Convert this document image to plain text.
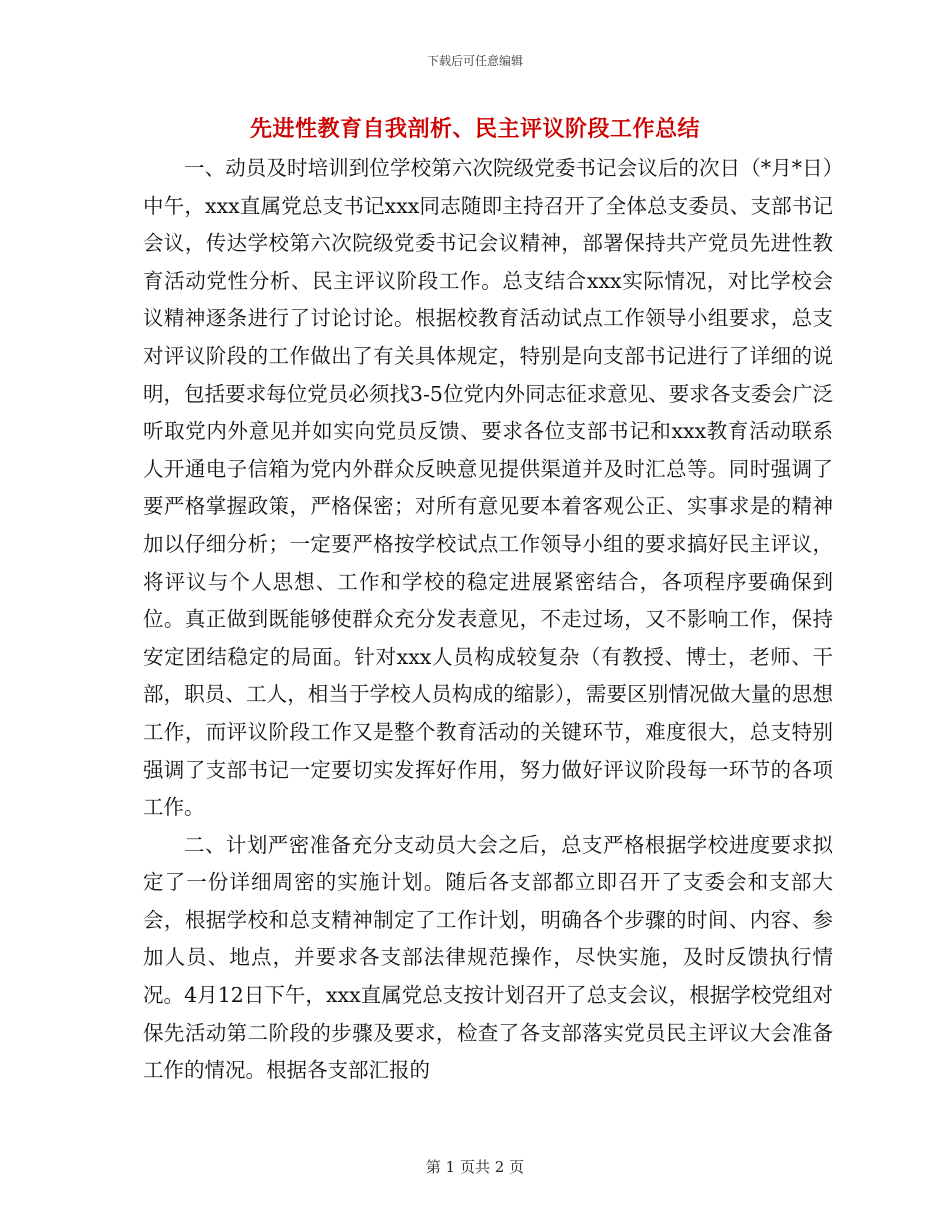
下载后可任意编辑
先进性教育自我剖析、民主评议阶段工作总结

一、动员及时培训到位学校第六次院级党委书记会议后的次日（*月*日）中午，xxx直属党总支书记xxx同志随即主持召开了全体总支委员、支部书记会议，传达学校第六次院级党委书记会议精神，部署保持共产党员先进性教育活动党性分析、民主评议阶段工作。总支结合xxx实际情况，对比学校会议精神逐条进行了讨论讨论。根据校教育活动试点工作领导小组要求，总支对评议阶段的工作做出了有关具体规定，特别是向支部书记进行了详细的说明，包括要求每位党员必须找3-5位党内外同志征求意见、要求各支委会广泛听取党内外意见并如实向党员反馈、要求各位支部书记和xxx教育活动联系人开通电子信箱为党内外群众反映意见提供渠道并及时汇总等。同时强调了要严格掌握政策，严格保密；对所有意见要本着客观公正、实事求是的精神加以仔细分析；一定要严格按学校试点工作领导小组的要求搞好民主评议，将评议与个人思想、工作和学校的稳定进展紧密结合，各项程序要确保到位。真正做到既能够使群众充分发表意见，不走过场，又不影响工作，保持安定团结稳定的局面。针对xxx人员构成较复杂（有教授、博士，老师、干部，职员、工人，相当于学校人员构成的缩影），需要区别情况做大量的思想工作，而评议阶段工作又是整个教育活动的关键环节，难度很大，总支特别强调了支部书记一定要切实发挥好作用，努力做好评议阶段每一环节的各项工作。

二、计划严密准备充分支动员大会之后，总支严格根据学校进度要求拟定了一份详细周密的实施计划。随后各支部都立即召开了支委会和支部大会，根据学校和总支精神制定了工作计划，明确各个步骤的时间、内容、参加人员、地点，并要求各支部法律规范操作，尽快实施，及时反馈执行情况。4月12日下午，xxx直属党总支按计划召开了总支会议，根据学校党组对保先活动第二阶段的步骤及要求，检查了各支部落实党员民主评议大会准备工作的情况。根据各支部汇报的

第 1 页共 2 页
